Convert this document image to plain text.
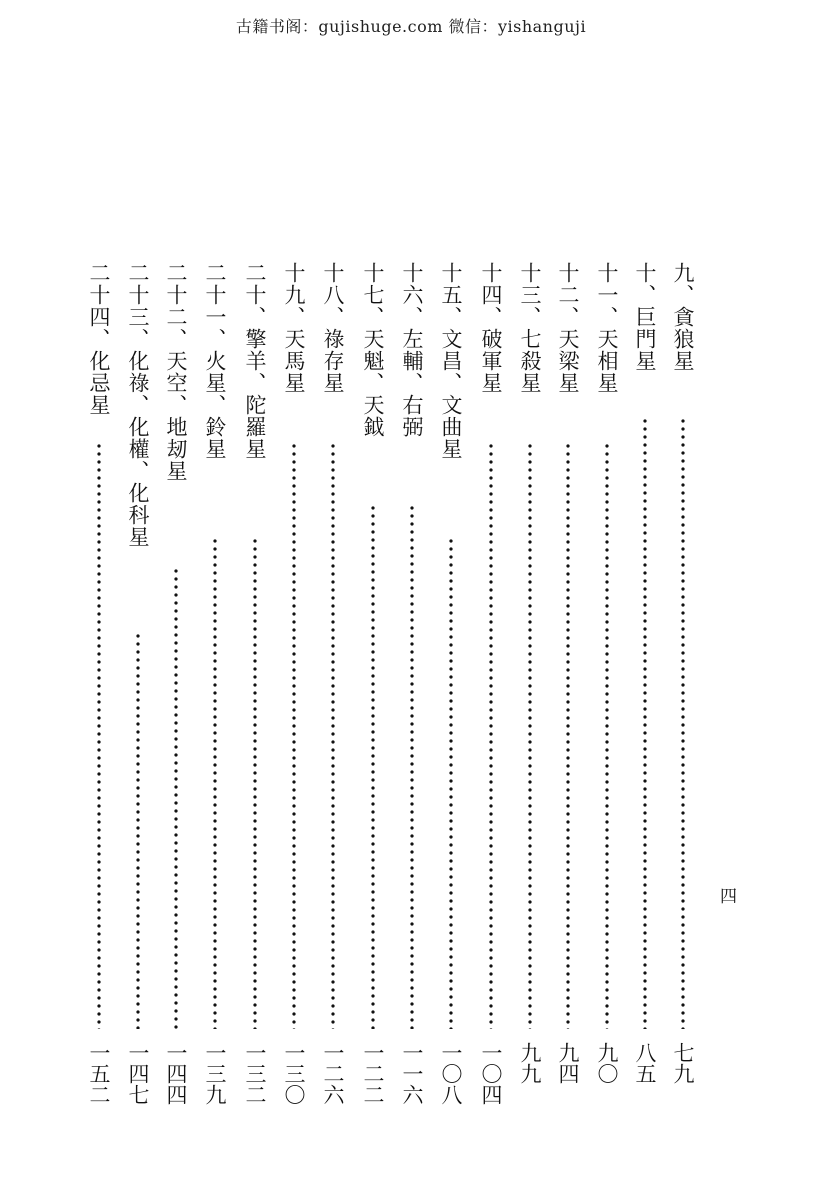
古籍书阁：gujishuge.com 微信：yishanguji
九、貪狼星
七九
十、巨門星
八五
十一、天相星
九〇
十二、天梁星
九四
十三、七殺星
九九
十四、破軍星
一〇四
十五、文昌、文曲星
一〇八
十六、左輔、右弼
一一六
十七、天魁、天鉞
一二二
十八、祿存星
一二六
十九、天馬星
一三〇
二十、擎羊、陀羅星
一三二
二十一、火星、鈴星
一三九
二十二、天空、地刼星
一四四
二十三、化祿、化權、化科星
一四七
二十四、化忌星
一五二
四
